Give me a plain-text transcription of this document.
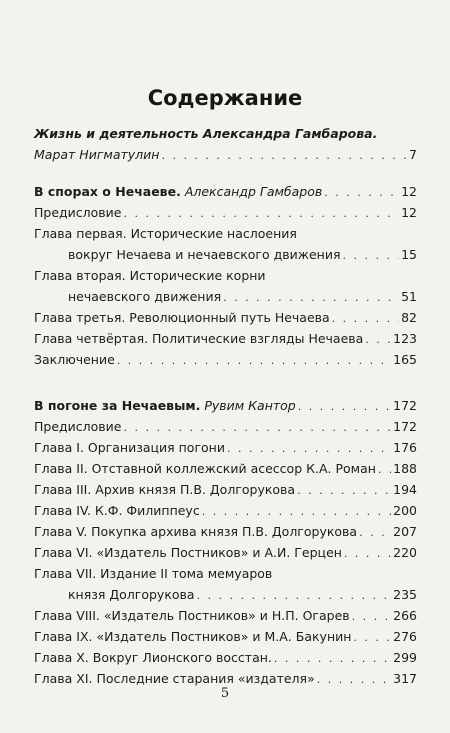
Содержание
Жизнь и деятельность Александра Гамбарова.
Марат Нигматулин . . .	7
В спорах о Нечаеве. Александр Гамбаров . . .	12
Предисловие . . .	12
Глава первая. Исторические наслоения
вокруг Нечаева и нечаевского движения . . .	15
Глава вторая. Исторические корни
нечаевского движения . . .	51
Глава третья. Революционный путь Нечаева . . .	82
Глава четвёртая. Политические взгляды Нечаева . . . 123
Заключение . . .	165
В погоне за Нечаевым. Рувим Кантор . . .	172
Предисловие . . .	172
Глава I. Организация погони . . .	176
Глава II. Отставной коллежский асессор К.А. Роман . . . 188
Глава III. Архив князя П.В. Долгорукова . . .	194
Глава IV. К.Ф. Филиппеус . . .	200
Глава V. Покупка архива князя П.В. Долгорукова . . .	207
Глава VI. «Издатель Постников» и А.И. Герцен . . .	220
Глава VII. Издание II тома мемуаров
князя Долгорукова . . .	235
Глава VIII. «Издатель Постников» и Н.П. Огарев . . .	266
Глава IX. «Издатель Постников» и М.А. Бакунин . . .	276
Глава X. Вокруг Лионского восстан. . . .	299
Глава XI. Последние старания «издателя» . . .	317
5
